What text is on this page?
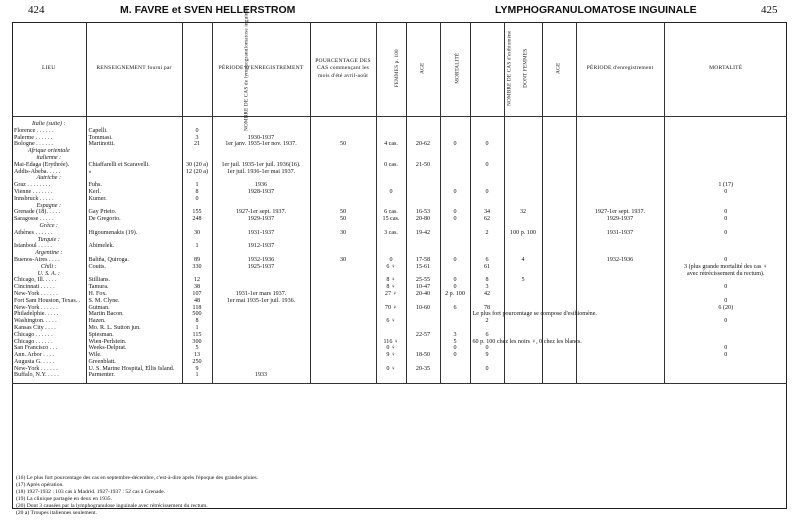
424	M. FAVRE et SVEN HELLERSTROM	LYMPHOGRANULOMATOSE INGUINALE	425
LIEU	RENSEIGNEMENT fourni par	NOMBRE DE CAS de lymphogranulomatose inguinale	PÉRIODE D'ENREGISTREMENT	POURCENTAGE DES CAS commençant les mois d'été avril-août	FEMMES p. 100	AGE	MORTALITÉ	NOMBRE DE CAS d'esthiomène	DONT FEMMES	AGE	PÉRIODE d'enregistrement	MORTALITÉ

Italie (suite) :												
Florence . . . . . .	Capelli.	0										
Palerme . . . . . .	Tommasi.	3	1930-1937									
Bologne . . . . . .	Martinotti.	21	1er janv. 1935-1er nov. 1937.	50	4 cas.	20-62	0	0				
Afrique orientale												
italienne :												
Mai-Edaga (Erythrée).	Chiaffarelli et Scaravelli.	30 (20 a)	1er juil. 1935-1er juil. 1936(16).		0 cas.	21-50		0				
Addis-Abeba. . . . .	»	12 (20 a)	1er juil. 1936-1er mai 1937.									
Autriche :												
Graz . . . . . . . .	Fuhs.	1	1936									1 (17)
Vienne . . . . . . .	Kerl.	8	1928-1937		0		0	0				0
Innsbruck . . . . .	Kumer.	0										
Espagne :												
Grenade (18). . . . .	Gay Prieto.	155	1927-1er sept. 1937.	50	6 cas.	16-53	0	34	32		1927-1er sept. 1937.	0
Saragosse . . . . .	De Gregorio.	248	1929-1937	50	15 cas.	20-80	0	62			1929-1937	0
Grèce :												
Athènes . . . . . .	Higoumenakis (19).	30	1931-1937	30	3 cas.	19-42		2	100 p. 100		1931-1937	0
Turquie :												
Istanboul . . . . .	Abimelek.	1	1912-1937									
Argentine :												
Buenos-Aires . . . .	Baliña, Quiroga.	89	1932-1936	30	0	17-58	0	6	4		1932-1936	0
Chili :	Coutts.	330	1925-1937		6 ♀	15-61		61				3 (plus grande mortalité des cas ♀
U. S. A. :												avec rétrécissement du rectum).
Chicago, Ill. . . . .	Stillians.	12			8 ♀	25-55	0	8	5			
Cincinnati . . . . .	Tamura.	38			8 ♀	10-47	0	3				0
New-York . . . . . .	H. Fox.	107	1931-1er mars 1937.		27 ♀	20-40	2 p. 100	42				
Fort Sam Houston, Texas. .	S. M. Clyne.	48	1er mai 1935-1er juil. 1936.									0
New-York . . . . . .	Gutman.	118			70 ♀	10-60	6	78				6 (20)
Philadelphie. . . . .	Martin Bacon.	500						Le plus fort pourcentage se compose d'esthiomène.				
Washington. . . . .	Hazen.	8			6 ♀			2				0
Kansas City . . . .	Mo. R. L. Sutton jun.	1										
Chicago . . . . . .	Spiesman.	115				22-57	3	6				
Chicago . . . . . .	Wien-Perlstein.	300			116 ♀		5	60 p. 100 chez les noirs ♀, 0 chez les blancs.				
San Francisco . . .	Weeks-Delprat.	5			0 ♀		0	0				0
Ann. Arbor . . . .	Wile.	13			9 ♀	18-50	0	9				0
Augusta G. . . . .	Greenblatt.	250										
New-York . . . . . .	U. S. Marine Hospital, Ellis Island.	9			0 ♀	20-35		0				
Buffalo, N.Y. . . . .	Parmenter.	1	1933									

(16) Le plus fort pourcentage des cas en septembre-décembre, c'est-à-dire après l'époque des grandes pluies.
(17) Après opération.
(18) 1927-1932 : 103 cas à Madrid. 1927-1937 : 52 cas à Grenade.
(19) La clinique partagée en deux en 1935.
(20) Dont 3 causées par la lymphogranulose inguinale avec rétrécissement du rectum.
(20 a) Troupes italiennes seulement.
